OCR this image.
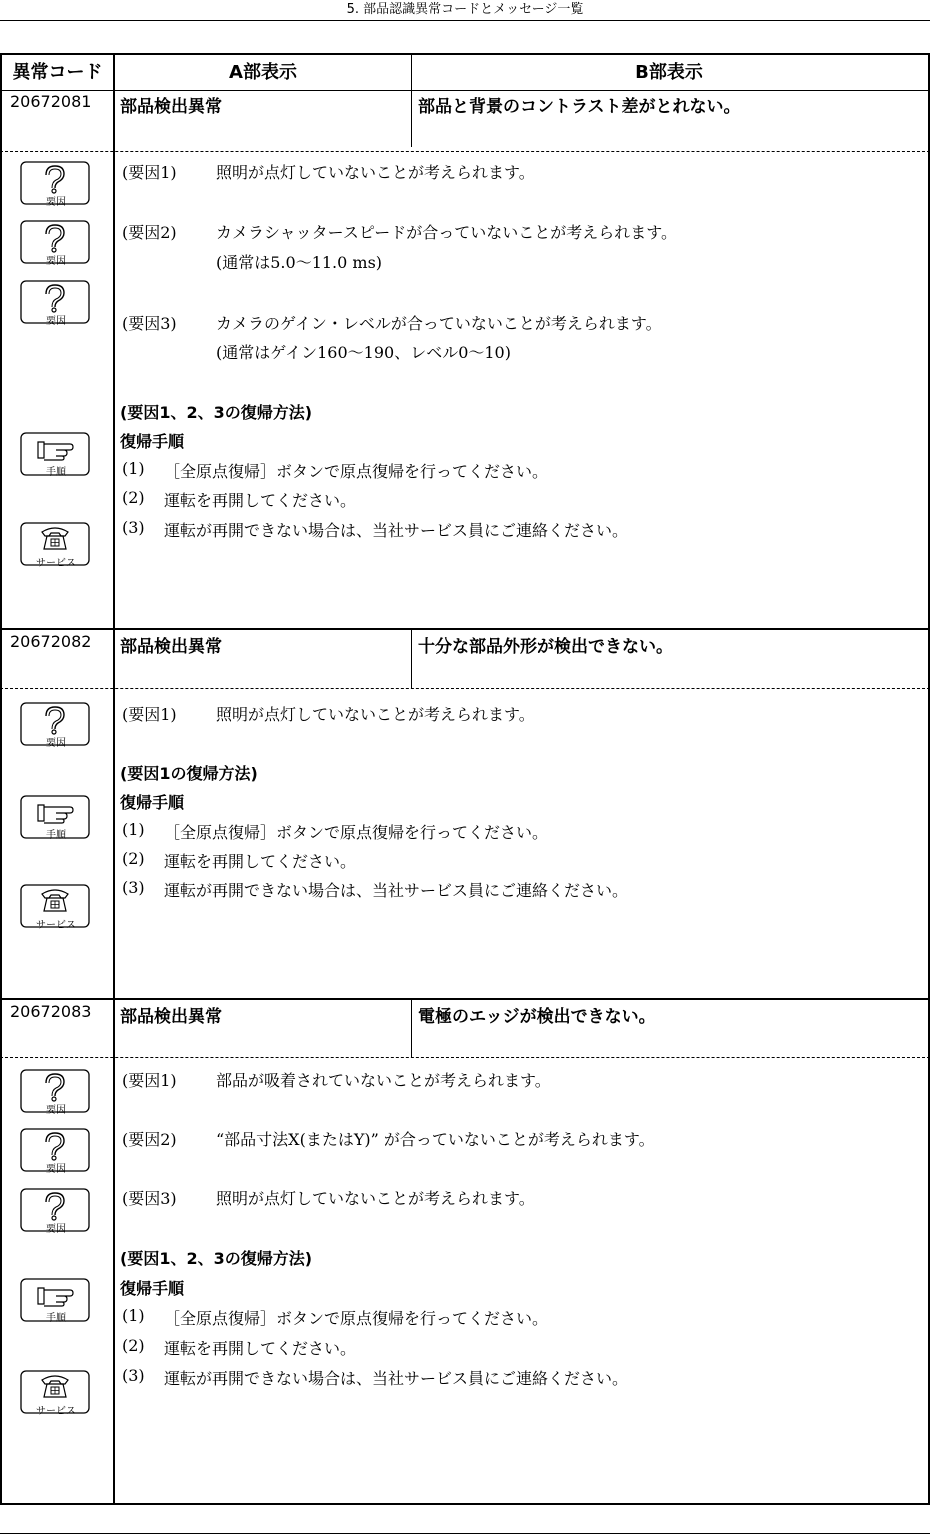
5. 部品認識異常コードとメッセージ一覧
異常コード	A部表示	B部表示
20672081 部品検出異常	部品と背景のコントラスト差がとれない。
要因
要因
要因
(要因1) 照明が点灯していないことが考えられます。
(要因2) カメラシャッタースピードが合っていないことが考えられます。
(通常は5.0～11.0 ms)
(要因3) カメラのゲイン・レベルが合っていないことが考えられます。
(通常はゲイン160～190、レベル0～10)
(要因1、2、3の復帰方法)
復帰手順
手順	(1) ［全原点復帰］ボタンで原点復帰を行ってください。
(2) 運転を再開してください。
(3) 運転が再開できない場合は、当社サービス員にご連絡ください。
サービス
20672082 部品検出異常	十分な部品外形が検出できない。
要因
(要因1) 照明が点灯していないことが考えられます。
(要因1の復帰方法)
復帰手順
手順	(1) ［全原点復帰］ボタンで原点復帰を行ってください。
(2) 運転を再開してください。
(3) 運転が再開できない場合は、当社サービス員にご連絡ください。
サービス
20672083 部品検出異常	電極のエッジが検出できない。
要因
要因
要因
(要因1) 部品が吸着されていないことが考えられます。
(要因2) “部品寸法X(またはY)” が合っていないことが考えられます。
(要因3) 照明が点灯していないことが考えられます。
(要因1、2、3の復帰方法)
復帰手順
手順	(1) ［全原点復帰］ボタンで原点復帰を行ってください。
(2) 運転を再開してください。
(3) 運転が再開できない場合は、当社サービス員にご連絡ください。
サービス
